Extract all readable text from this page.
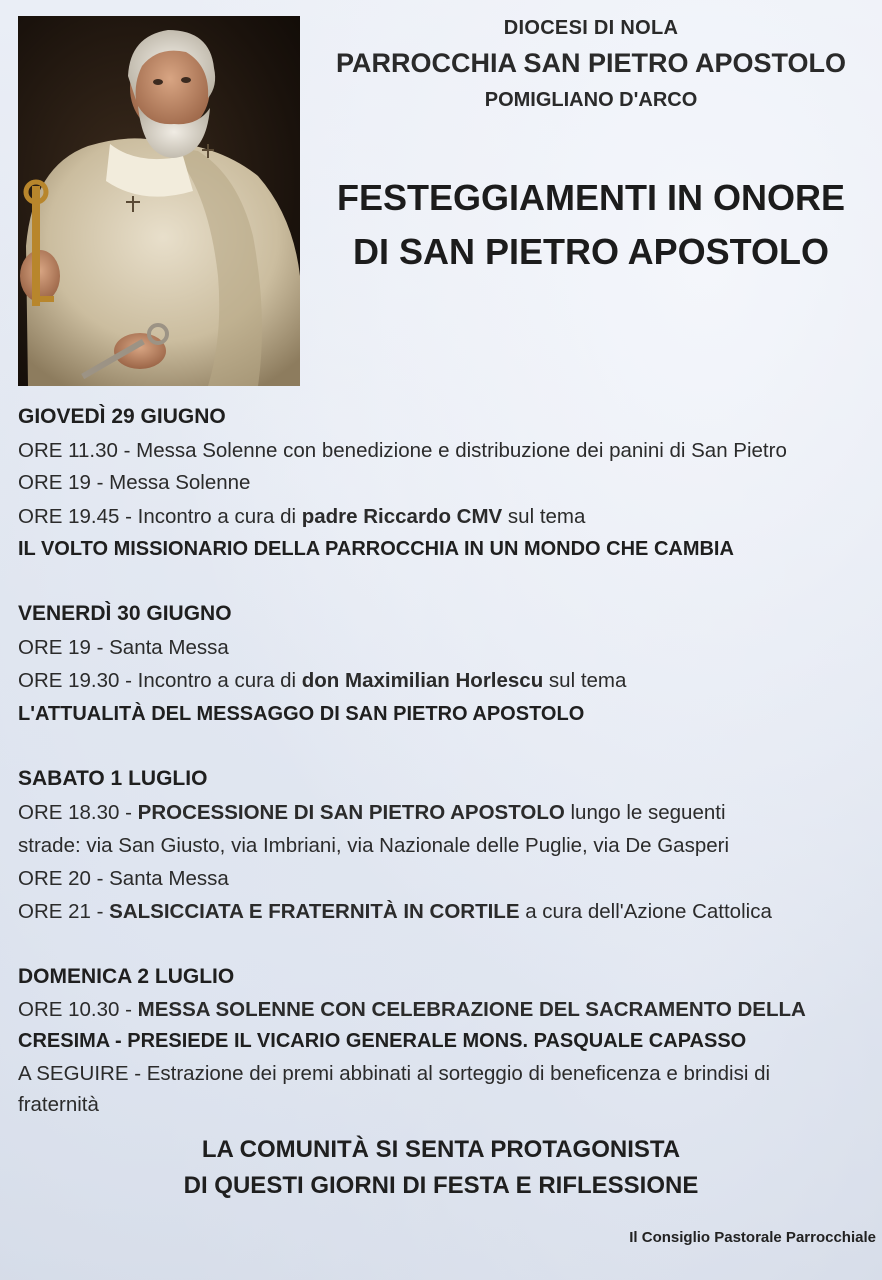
DIOCESI DI NOLA
PARROCCHIA SAN PIETRO APOSTOLO
POMIGLIANO D'ARCO
FESTEGGIAMENTI IN ONORE
DI SAN PIETRO APOSTOLO
GIOVEDÌ 29 GIUGNO
ORE 11.30 - Messa Solenne con benedizione e distribuzione dei panini di San Pietro
ORE 19 - Messa Solenne
ORE 19.45 - Incontro a cura di padre Riccardo CMV sul tema
IL VOLTO MISSIONARIO DELLA PARROCCHIA IN UN MONDO CHE CAMBIA
VENERDÌ 30 GIUGNO
ORE 19 - Santa Messa
ORE 19.30 - Incontro a cura di don Maximilian Horlescu sul tema
L'ATTUALITÀ DEL MESSAGGO DI SAN PIETRO APOSTOLO
SABATO 1 LUGLIO
ORE 18.30 - PROCESSIONE DI SAN PIETRO APOSTOLO lungo le seguenti
strade: via San Giusto, via Imbriani, via Nazionale delle Puglie, via De Gasperi
ORE 20 - Santa Messa
ORE 21 - SALSICCIATA E FRATERNITÀ IN CORTILE a cura dell'Azione Cattolica
DOMENICA 2 LUGLIO
ORE 10.30 - MESSA SOLENNE CON CELEBRAZIONE DEL SACRAMENTO DELLA
CRESIMA - PRESIEDE IL VICARIO GENERALE MONS. PASQUALE CAPASSO
A SEGUIRE - Estrazione dei premi abbinati al sorteggio di beneficenza e brindisi di
fraternità
LA COMUNITÀ SI SENTA PROTAGONISTA
DI QUESTI GIORNI DI FESTA E RIFLESSIONE
Il Consiglio Pastorale Parrocchiale
